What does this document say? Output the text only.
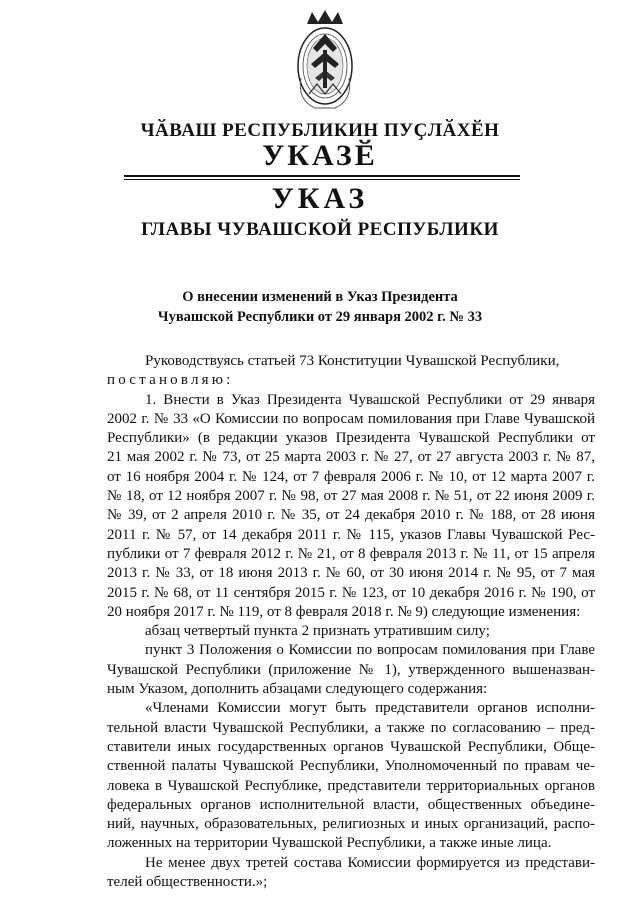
ЧӐВАШ РЕСПУБЛИКИН ПУҪЛӐХӖН
УКАЗӖ
УКАЗ
ГЛАВЫ ЧУВАШСКОЙ РЕСПУБЛИКИ
О внесении изменений в Указ Президента
Чувашской Республики от 29 января 2002 г. № 33

Руководствуясь статьей 73 Конституции Чувашской Республики,

постановляю:

1. Внести в Указ Президента Чувашской Республики от 29 января
2002 г. № 33 «О Комиссии по вопросам помилования при Главе Чувашской
Республики» (в редакции указов Президента Чувашской Республики от
21 мая 2002 г. № 73, от 25 марта 2003 г. № 27, от 27 августа 2003 г. № 87,
от 16 ноября 2004 г. № 124, от 7 февраля 2006 г. № 10, от 12 марта 2007 г.
№ 18, от 12 ноября 2007 г. № 98, от 27 мая 2008 г. № 51, от 22 июня 2009 г.
№ 39, от 2 апреля 2010 г. № 35, от 24 декабря 2010 г. № 188, от 28 июня
2011 г. № 57, от 14 декабря 2011 г. № 115, указов Главы Чувашской Рес-
публики от 7 февраля 2012 г. № 21, от 8 февраля 2013 г. № 11, от 15 апреля
2013 г. № 33, от 18 июня 2013 г. № 60, от 30 июня 2014 г. № 95, от 7 мая
2015 г. № 68, от 11 сентября 2015 г. № 123, от 10 декабря 2016 г. № 190, от
20 ноября 2017 г. № 119, от 8 февраля 2018 г. № 9) следующие изменения:

абзац четвертый пункта 2 признать утратившим силу;

пункт 3 Положения о Комиссии по вопросам помилования при Главе
Чувашской Республики (приложение № 1), утвержденного вышеназван-
ным Указом, дополнить абзацами следующего содержания:

«Членами Комиссии могут быть представители органов исполни-
тельной власти Чувашской Республики, а также по согласованию – пред-
ставители иных государственных органов Чувашской Республики, Обще-
ственной палаты Чувашской Республики, Уполномоченный по правам че-
ловека в Чувашской Республике, представители территориальных органов
федеральных органов исполнительной власти, общественных объедине-
ний, научных, образовательных, религиозных и иных организаций, распо-
ложенных на территории Чувашской Республики, а также иные лица.

Не менее двух третей состава Комиссии формируется из представи-
телей общественности.»;
